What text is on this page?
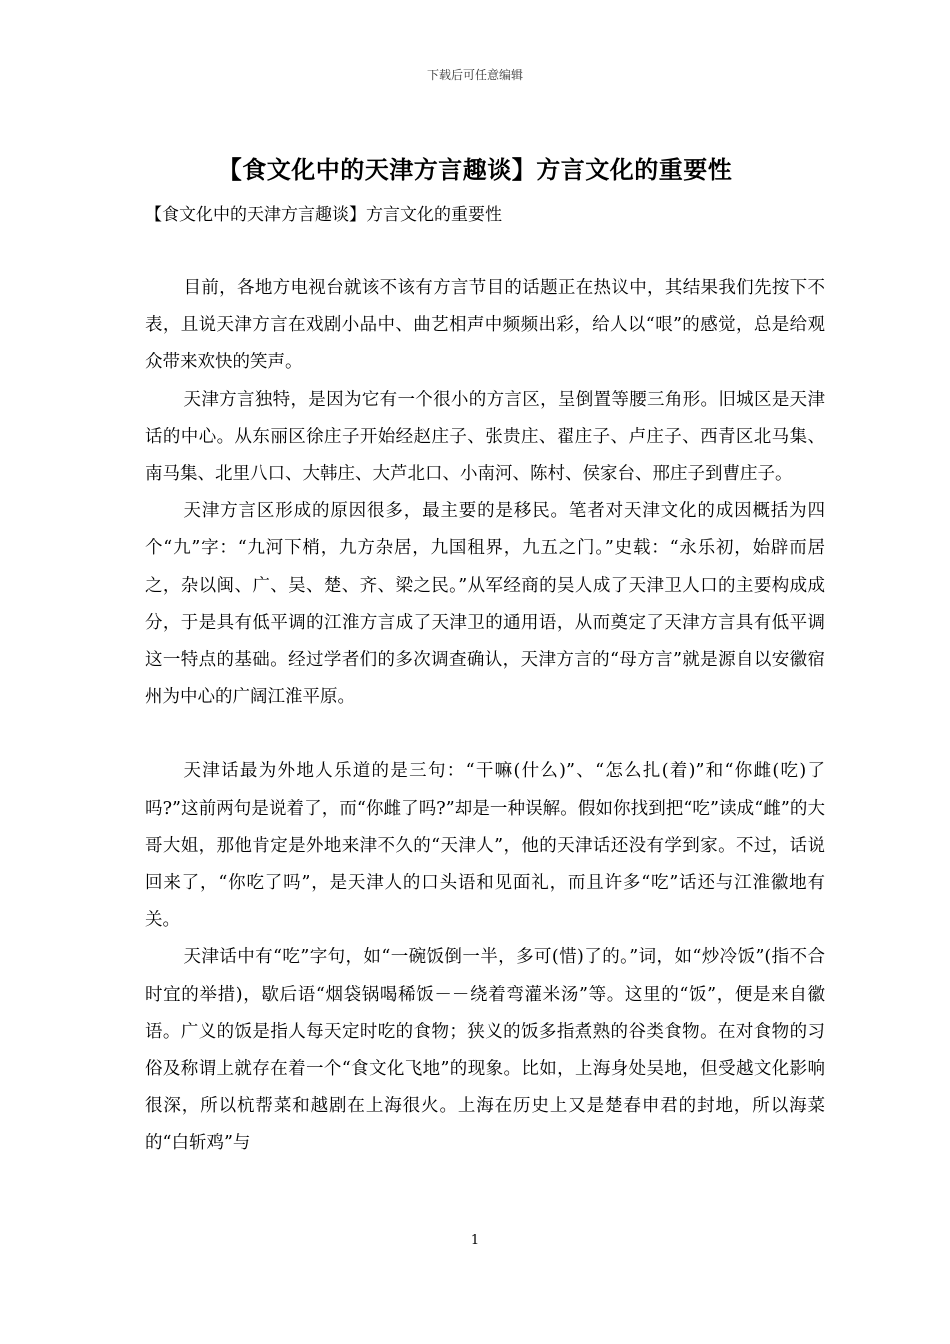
下载后可任意编辑
【食文化中的天津方言趣谈】方言文化的重要性
【食文化中的天津方言趣谈】方言文化的重要性

目前，各地方电视台就该不该有方言节目的话题正在热议中，其结果我们先按下不表，且说天津方言在戏剧小品中、曲艺相声中频频出彩，给人以“哏”的感觉，总是给观众带来欢快的笑声。

天津方言独特，是因为它有一个很小的方言区，呈倒置等腰三角形。旧城区是天津话的中心。从东丽区徐庄子开始经赵庄子、张贵庄、翟庄子、卢庄子、西青区北马集、南马集、北里八口、大韩庄、大芦北口、小南河、陈村、侯家台、邢庄子到曹庄子。

天津方言区形成的原因很多，最主要的是移民。笔者对天津文化的成因概括为四个“九”字：“九河下梢，九方杂居，九国租界，九五之门。”史载：“永乐初，始辟而居之，杂以闽、广、吴、楚、齐、梁之民。”从军经商的吴人成了天津卫人口的主要构成成分，于是具有低平调的江淮方言成了天津卫的通用语，从而奠定了天津方言具有低平调这一特点的基础。经过学者们的多次调查确认，天津方言的“母方言”就是源自以安徽宿州为中心的广阔江淮平原。

天津话最为外地人乐道的是三句：“干嘛(什么)”、“怎么扎(着)”和“你雌(吃)了吗?”这前两句是说着了，而“你雌了吗?”却是一种误解。假如你找到把“吃”读成“雌”的大哥大姐，那他肯定是外地来津不久的“天津人”，他的天津话还没有学到家。不过，话说回来了，“你吃了吗”，是天津人的口头语和见面礼，而且许多“吃”话还与江淮徽地有关。

天津话中有“吃”字句，如“一碗饭倒一半，多可(惜)了的。”词，如“炒冷饭”(指不合时宜的举措)，歇后语“烟袋锅喝稀饭－－绕着弯灌米汤”等。这里的“饭”，便是来自徽语。广义的饭是指人每天定时吃的食物；狭义的饭多指煮熟的谷类食物。在对食物的习俗及称谓上就存在着一个“食文化飞地”的现象。比如，上海身处吴地，但受越文化影响很深，所以杭帮菜和越剧在上海很火。上海在历史上又是楚春申君的封地，所以海菜的“白斩鸡”与

1
